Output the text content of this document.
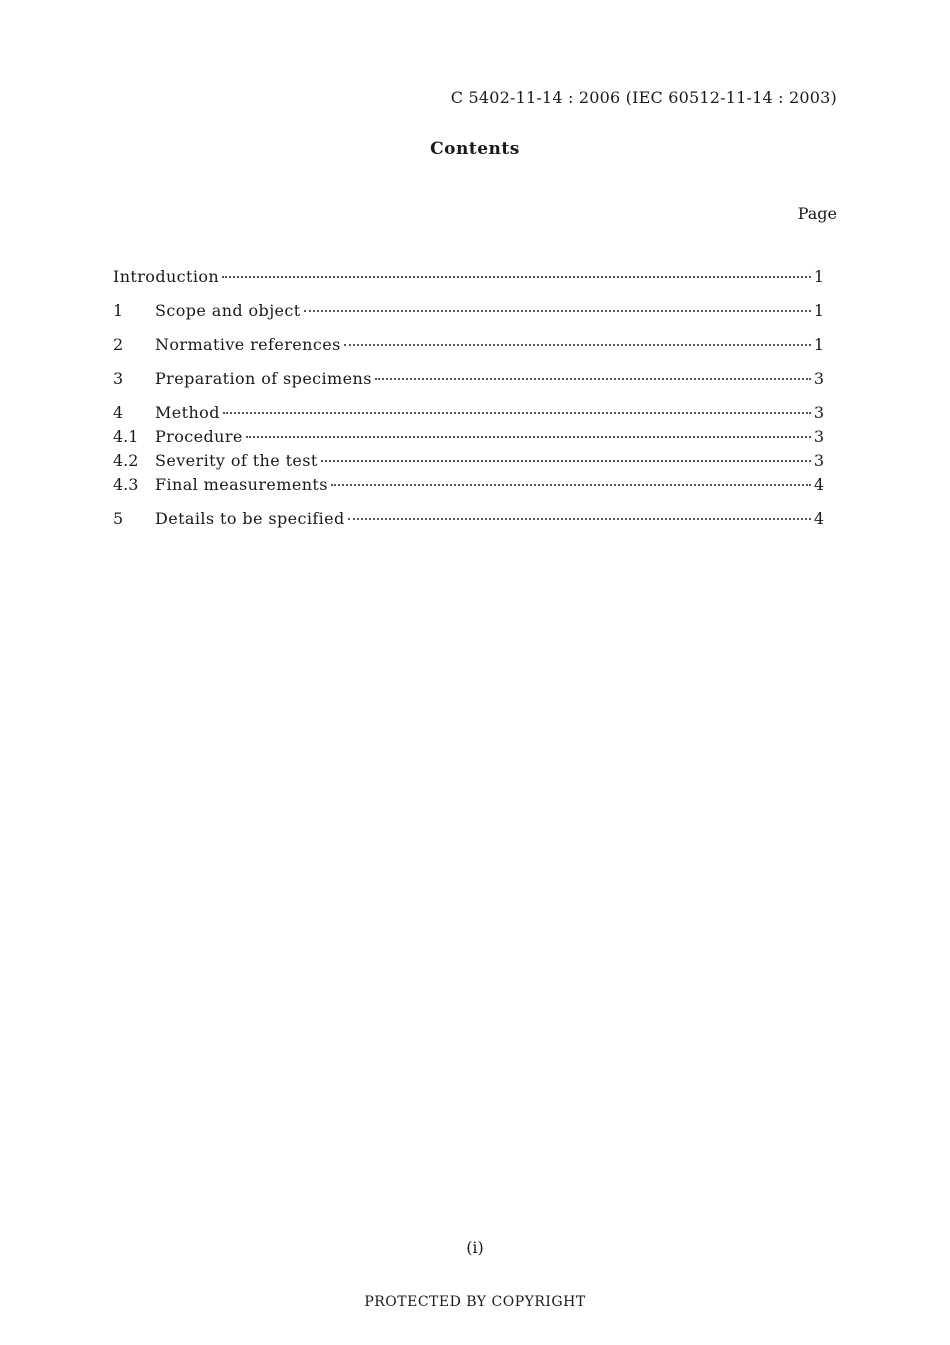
C 5402-11-14 : 2006 (IEC 60512-11-14 : 2003)
Contents
Page
Introduction	1
1	Scope and object	1
2	Normative references	1
3	Preparation of specimens	3
4	Method	3
4.1	Procedure	3
4.2	Severity of the test	3
4.3	Final measurements	4
5	Details to be specified	4
(i)
PROTECTED BY COPYRIGHT
